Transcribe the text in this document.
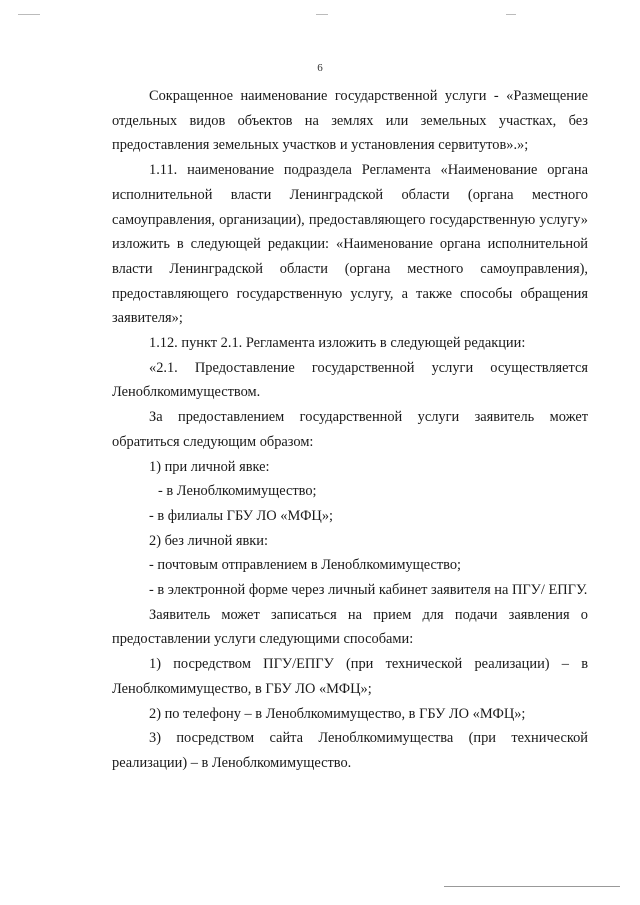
6

Сокращенное наименование государственной услуги - «Размещение отдельных видов объектов на землях или земельных участках, без предоставления земельных участков и установления сервитутов».»;

1.11. наименование подраздела Регламента «Наименование органа исполнительной власти Ленинградской области (органа местного самоуправления, организации), предоставляющего государственную услугу» изложить в следующей редакции: «Наименование органа исполнительной власти Ленинградской области (органа местного самоуправления), предоставляющего государственную услугу, а также способы обращения заявителя»;

1.12. пункт 2.1. Регламента изложить в следующей редакции:

«2.1. Предоставление государственной услуги осуществляется Леноблкомимуществом.

За предоставлением государственной услуги заявитель может обратиться следующим образом:

1) при личной явке:

- в Леноблкомимущество;

- в филиалы ГБУ ЛО «МФЦ»;

2) без личной явки:

- почтовым отправлением в Леноблкомимущество;

- в электронной форме через личный кабинет заявителя на ПГУ/ ЕПГУ.

Заявитель может записаться на прием для подачи заявления о предоставлении услуги следующими способами:

1) посредством ПГУ/ЕПГУ (при технической реализации) – в Леноблкомимущество, в ГБУ ЛО «МФЦ»;

2) по телефону – в Леноблкомимущество, в ГБУ ЛО «МФЦ»;

3) посредством сайта Леноблкомимущества (при технической реализации) – в Леноблкомимущество.
